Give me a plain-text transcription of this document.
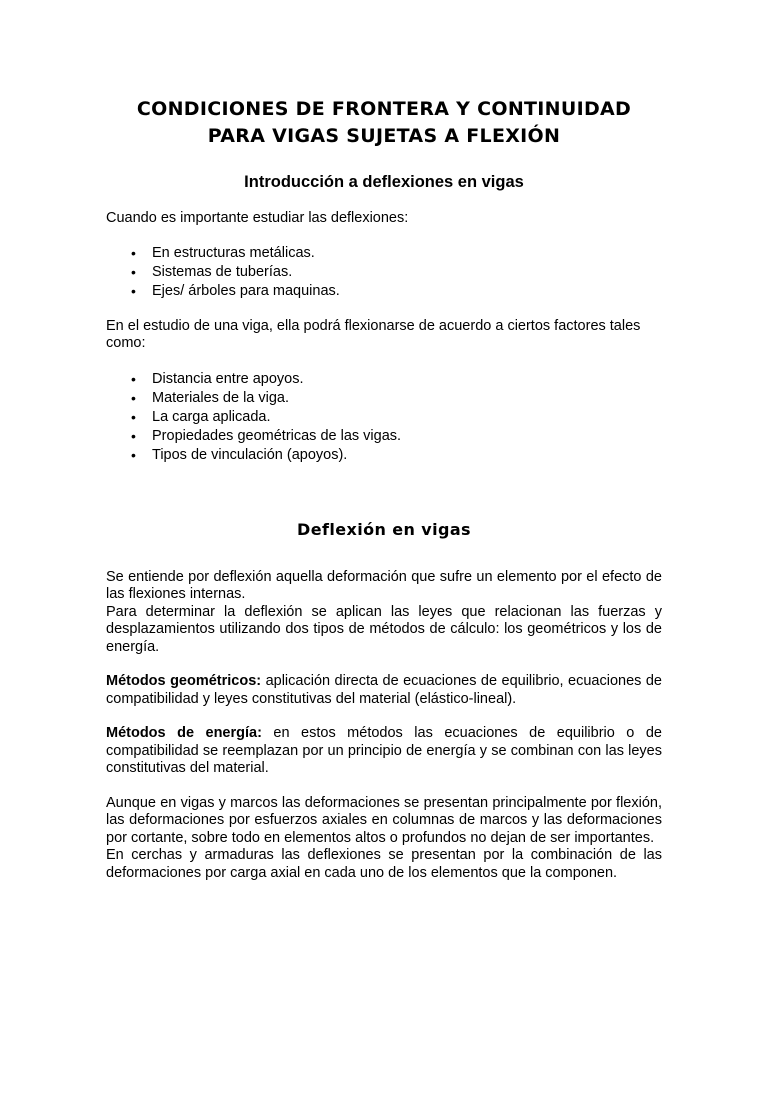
CONDICIONES DE FRONTERA Y CONTINUIDAD
PARA VIGAS SUJETAS A FLEXIÓN
Introducción a deflexiones en vigas

Cuando es importante estudiar las deflexiones:

• En estructuras metálicas.
• Sistemas de tuberías.
• Ejes/ árboles para maquinas.

En el estudio de una viga, ella podrá flexionarse de acuerdo a ciertos factores tales como:

• Distancia entre apoyos.
• Materiales de la viga.
• La carga aplicada.
• Propiedades geométricas de las vigas.
• Tipos de vinculación (apoyos).
Deflexión en vigas

Se entiende por deflexión aquella deformación que sufre un elemento por el efecto de las flexiones internas.

Para determinar la deflexión se aplican las leyes que relacionan las fuerzas y desplazamientos utilizando dos tipos de métodos de cálculo: los geométricos y los de energía.

Métodos geométricos: aplicación directa de ecuaciones de equilibrio, ecuaciones de compatibilidad y leyes constitutivas del material (elástico-lineal).

Métodos de energía: en estos métodos las ecuaciones de equilibrio o de compatibilidad se reemplazan por un principio de energía y se combinan con las leyes constitutivas del material.

Aunque en vigas y marcos las deformaciones se presentan principalmente por flexión, las deformaciones por esfuerzos axiales en columnas de marcos y las deformaciones por cortante, sobre todo en elementos altos o profundos no dejan de ser importantes.

En cerchas y armaduras las deflexiones se presentan por la combinación de las deformaciones por carga axial en cada uno de los elementos que la componen.
